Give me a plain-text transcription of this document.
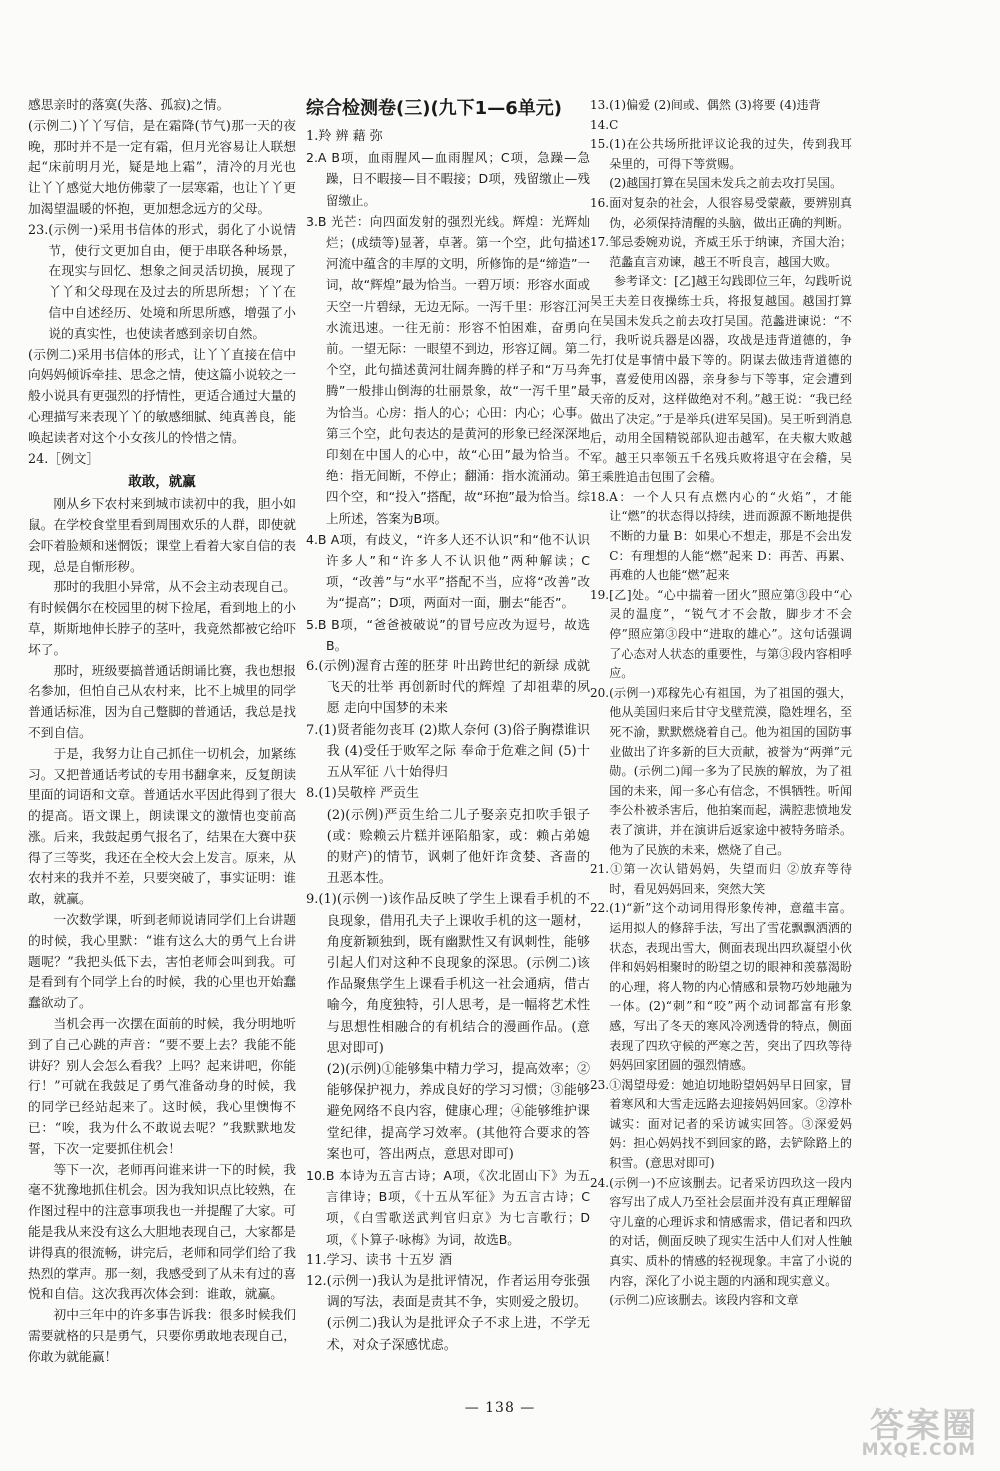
感思亲时的落寞(失落、孤寂)之情。

(示例二)丫丫写信，是在霜降(节气)那一天的夜晚，那时并不是一定有霜，但月光容易让人联想起“床前明月光，疑是地上霜”，清冷的月光也让丫丫感觉大地仿佛蒙了一层寒霜，也让丫丫更加渴望温暖的怀抱，更加想念远方的父母。

23.(示例一)采用书信体的形式，弱化了小说情节，使行文更加自由，便于串联各种场景，在现实与回忆、想象之间灵活切换，展现了丫丫和父母现在及过去的所思所想；丫丫在信中自述经历、处境和所思所感，增强了小说的真实性，也使读者感到亲切自然。

(示例二)采用书信体的形式，让丫丫直接在信中向妈妈倾诉牵挂、思念之情，使这篇小说较之一般小说具有更强烈的抒情性，更适合通过大量的心理描写来表现丫丫的敏感细腻、纯真善良，能唤起读者对这个小女孩儿的怜惜之情。

24.［例文］

敢敢，就赢

刚从乡下农村来到城市读初中的我，胆小如鼠。在学校食堂里看到周围欢乐的人群，即使就会吓着脸颊和迷惘饭；课堂上看着大家自信的表现，总是自惭形秽。

那时的我胆小异常，从不会主动表现自己。有时候偶尔在校园里的树下捡尾，看到地上的小草，斯斯地伸长脖子的茎叶，我竟然都被它给吓坏了。

那时，班级要搞普通话朗诵比赛，我也想报名参加，但怕自己从农村来，比不上城里的同学普通话标准，因为自己蹩脚的普通话，我总是找不到自信。

于是，我努力让自己抓住一切机会，加紧练习。又把普通话考试的专用书翻拿来，反复朗读里面的词语和文章。普通话水平因此得到了很大的提高。语文课上，朗读课文的激情也变前高涨。后来，我鼓起勇气报名了，结果在大赛中获得了三等奖，我还在全校大会上发言。原来，从农村来的我并不差，只要突破了，事实证明：谁敢，就赢。

一次数学课，听到老师说请同学们上台讲题的时候，我心里默：“谁有这么大的勇气上台讲题呢？”我把头低下去，害怕老师会叫到我。可是看到有个同学上台的时候，我的心里也开始蠢蠢欲动了。

当机会再一次摆在面前的时候，我分明地听到了自己心跳的声音：“要不要上去？我能不能讲好？别人会怎么看我？上吗？起来讲吧，你能行！”可就在我鼓足了勇气准备动身的时候，我的同学已经站起来了。这时候，我心里懊悔不已：“唉，我为什么不敢说去呢？”我默默地发誓，下次一定要抓住机会！

等下一次，老师再问谁来讲一下的时候，我毫不犹豫地抓住机会。因为我知识点比较熟，在作图过程中的注意事项我也一并提醒了大家。可能是我从来没有这么大胆地表现自己，大家都是讲得真的很流畅，讲完后，老师和同学们给了我热烈的掌声。那一刻，我感受到了从未有过的喜悦和自信。这次我再次体会到：谁敢，就赢。

初中三年中的许多事告诉我：很多时候我们需要就格的只是勇气，只要你勇敢地表现自己，你敢为就能赢！

综合检测卷(三)(九下1—6单元)

1.羚 辨 藉 弥

2.A B项，血雨腥风—血雨腥风；C项，急躁—急躁，日不暇接—目不暇接；D项，残留缴止—残留缴止。

3.B 光芒：向四面发射的强烈光线。辉煌：光辉灿烂；(成绩等)显著，卓著。第一个空，此句描述河流中蕴含的丰厚的文明，所修饰的是“缔造”一词，故“辉煌”最为恰当。一碧万顷：形容水面或天空一片碧绿，无边无际。一泻千里：形容江河水流迅速。一往无前：形容不怕困难，奋勇向前。一望无际：一眼望不到边，形容辽阔。第二个空，此句描述黄河壮阔奔腾的样子和“万马奔腾”一般排山倒海的壮丽景象，故“一泻千里”最为恰当。心房：指人的心；心田：内心；心事。第三个空，此句表达的是黄河的形象已经深深地印刻在中国人的心中，故“心田”最为恰当。不绝：指无间断，不停止；翻涌：指水流涌动。第四个空，和“投入”搭配，故“环抱”最为恰当。综上所述，答案为B项。

4.B A项，有歧义，“许多人还不认识”和“他不认识许多人”和“许多人不认识他”两种解读；C项，“改善”与“水平”搭配不当，应将“改善”改为“提高”；D项，两面对一面，删去“能否”。

5.B B项，“爸爸被破说”的冒号应改为逗号，故选B。

6.(示例)渥育古莲的胚芽 叶出跨世纪的新绿 成就飞天的壮举 再创新时代的辉煌 了却祖辈的夙愿 走向中国梦的未来

7.(1)贤者能勿丧耳 (2)欺人奈何 (3)俗子胸襟谁识我 (4)受任于败军之际 奉命于危难之间 (5)十五从军征 八十始得归

8.(1)吴敬梓 严贡生

(2)(示例)严贡生给二儿子娶亲克扣吹手银子(或：赊赖云片糕并诬陷船家，或：赖占弟媳的财产)的情节，讽刺了他奸诈贪婪、吝啬的丑恶本性。

9.(1)(示例一)该作品反映了学生上课看手机的不良现象，借用孔夫子上课收手机的这一题材，角度新颖独到，既有幽默性又有讽刺性，能够引起人们对这种不良现象的深思。(示例二)该作品聚焦学生上课看手机这一社会通病，借古喻今，角度独特，引人思考，是一幅将艺术性与思想性相融合的有机结合的漫画作品。(意思对即可)

(2)(示例)①能够集中精力学习，提高效率；②能够保护视力，养成良好的学习习惯；③能够避免网络不良内容，健康心理；④能够维护课堂纪律，提高学习效率。(其他符合要求的答案也可，答出两点，意思对即可)

10.B 本诗为五言古诗；A项，《次北固山下》为五言律诗；B项，《十五从军征》为五言古诗；C项，《白雪歌送武判官归京》为七言歌行；D项，《卜算子·咏梅》为词，故选B。

11.学习、读书 十五岁 酒

12.(示例一)我认为是批评情况，作者运用夸张强调的写法，表面是责其不争，实则爱之殷切。

(示例二)我认为是批评众子不求上进，不学无术，对众子深感忧虑。

13.(1)偏爱 (2)间或、偶然 (3)将要 (4)违背

14.C

15.(1)在公共场所批评议论我的过失，传到我耳朵里的，可得下等赏赐。

(2)越国打算在吴国未发兵之前去攻打吴国。

16.面对复杂的社会，人很容易受蒙蔽，要辨别真伪，必须保持清醒的头脑，做出正确的判断。

17.邹忌委婉劝说，齐威王乐于纳谏，齐国大治；范蠡直言劝谏，越王不听良言，越国大败。

参考译文：[乙]越王勾践即位三年，勾践听说吴王夫差日夜操练士兵，将报复越国。越国打算在吴国未发兵之前去攻打吴国。范蠡进谏说：“不行，我听说兵器是凶器，攻战是违背道德的，争先打仗是事情中最下等的。阴谋去做违背道德的事，喜爱使用凶器，亲身参与下等事，定会遭到天帝的反对，这样做绝对不利。”越王说：“我已经做出了决定。”于是举兵(进军吴国)。吴王听到消息后，动用全国精锐部队迎击越军，在夫椒大败越军。越王只率领五千名残兵败将退守在会稽，吴王乘胜追击包围了会稽。

18.A：一个人只有点燃内心的“火焰”，才能让“燃”的状态得以持续，进而源源不断地提供不断的力量 B：如果心不想走，那是不会出发 C：有理想的人能“燃”起来 D：再苦、再累、再难的人也能“燃”起来

19.[乙]处。“心中揣着一团火”照应第③段中“心灵的温度”，“锐气才不会散，脚步才不会停”照应第③段中“进取的雄心”。这句话强调了心态对人状态的重要性，与第③段内容相呼应。

20.(示例一)邓稼先心有祖国，为了祖国的强大，他从美国归来后甘守戈壁荒漠，隐姓埋名，至死不渝，默默燃烧着自己。他为祖国的国防事业做出了许多新的巨大贡献，被誉为“两弹”元勋。(示例二)闻一多为了民族的解放，为了祖国的未来，闻一多心有信念，不惧牺牲。听闻李公朴被杀害后，他拍案而起，满腔悲愤地发表了演讲，并在演讲后返家途中被特务暗杀。他为了民族的未来，燃烧了自己。

21.①第一次认错妈妈，失望而归 ②放弃等待时，看见妈妈回来，突然大笑

22.(1)“新”这个动词用得形象传神，意蕴丰富。运用拟人的修辞手法，写出了雪花飘飘洒洒的状态，表现出雪大，侧面表现出四玖凝望小伙伴和妈妈相聚时的盼望之切的眼神和羡慕渴盼的心理，将人物的内心情感和景物巧妙地融为一体。(2)“刺”和“咬”两个动词都富有形象感，写出了冬天的寒风冷冽透骨的特点，侧面表现了四玖守候的严寒之苦，突出了四玖等待妈妈回家团圆的强烈情感。

23.①渴望母爱：她迫切地盼望妈妈早日回家，冒着寒风和大雪走远路去迎接妈妈回家。②淳朴诚实：面对记者的采访诚实回答。③深爱妈妈：担心妈妈找不到回家的路，去铲除路上的积雪。(意思对即可)

24.(示例一)不应该删去。记者采访四玖这一段内容写出了成人乃至社会层面并没有真正理解留守儿童的心理诉求和情感需求，借记者和四玖的对话，侧面反映了现实生活中人们对人性触真实、质朴的情感的轻视现象。丰富了小说的内容，深化了小说主题的内涵和现实意义。

(示例二)应该删去。该段内容和文章

— 138 —	答案圈
MXQE.COM
